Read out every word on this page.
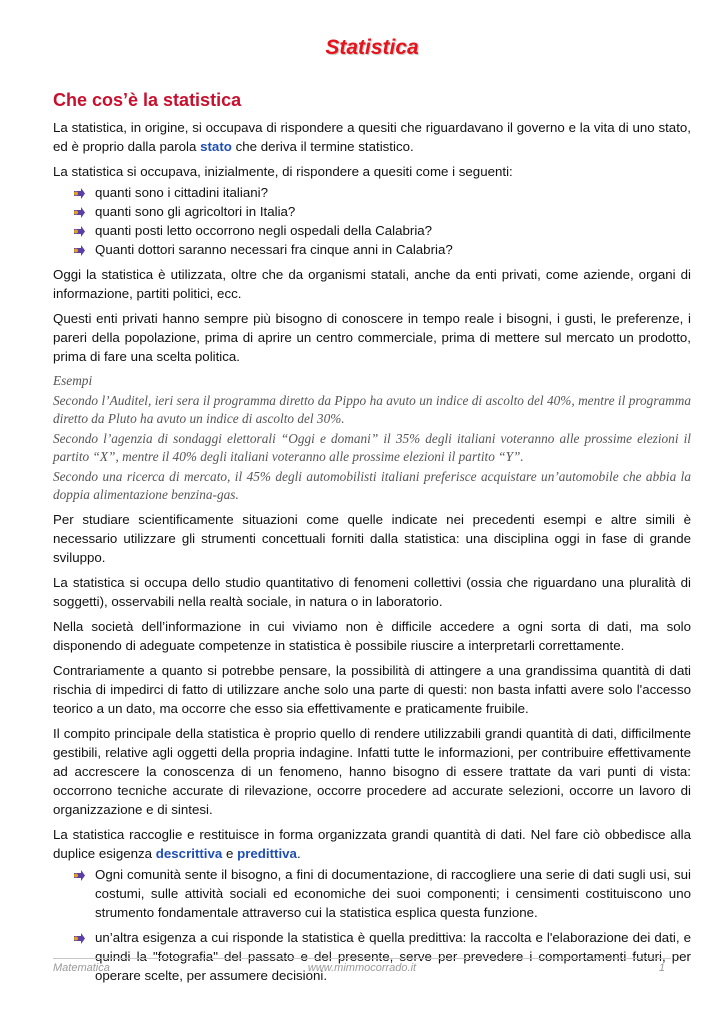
Statistica
Che cos’è la statistica

La statistica, in origine, si occupava di rispondere a quesiti che riguardavano il governo e la vita di uno stato, ed è proprio dalla parola stato che deriva il termine statistico.

La statistica si occupava, inizialmente, di rispondere a quesiti come i seguenti:

quanti sono i cittadini italiani?
quanti sono gli agricoltori in Italia?
quanti posti letto occorrono negli ospedali della Calabria?
Quanti dottori saranno necessari fra cinque anni in Calabria?

Oggi la statistica è utilizzata, oltre che da organismi statali, anche da enti privati, come aziende, organi di informazione, partiti politici, ecc.

Questi enti privati hanno sempre più bisogno di conoscere in tempo reale i bisogni, i gusti, le preferenze, i pareri della popolazione, prima di aprire un centro commerciale, prima di mettere sul mercato un prodotto, prima di fare una scelta politica.

Esempi
Secondo l’Auditel, ieri sera il programma diretto da Pippo ha avuto un indice di ascolto del 40%, mentre il programma diretto da Pluto ha avuto un indice di ascolto del 30%.
Secondo l’agenzia di sondaggi elettorali “Oggi e domani” il 35% degli italiani voteranno alle prossime elezioni il partito “X”, mentre il 40% degli italiani voteranno alle prossime elezioni il partito “Y”.
Secondo una ricerca di mercato, il 45% degli automobilisti italiani preferisce acquistare un’automobile che abbia la doppia alimentazione benzina-gas.

Per studiare scientificamente situazioni come quelle indicate nei precedenti esempi e altre simili è necessario utilizzare gli strumenti concettuali forniti dalla statistica: una disciplina oggi in fase di grande sviluppo.

La statistica si occupa dello studio quantitativo di fenomeni collettivi (ossia che riguardano una pluralità di soggetti), osservabili nella realtà sociale, in natura o in laboratorio.

Nella società dell’informazione in cui viviamo non è difficile accedere a ogni sorta di dati, ma solo disponendo di adeguate competenze in statistica è possibile riuscire a interpretarli correttamente.

Contrariamente a quanto si potrebbe pensare, la possibilità di attingere a una grandissima quantità di dati rischia di impedirci di fatto di utilizzare anche solo una parte di questi: non basta infatti avere solo l'accesso teorico a un dato, ma occorre che esso sia effettivamente e praticamente fruibile.

Il compito principale della statistica è proprio quello di rendere utilizzabili grandi quantità di dati, difficilmente gestibili, relative agli oggetti della propria indagine. Infatti tutte le informazioni, per contribuire effettivamente ad accrescere la conoscenza di un fenomeno, hanno bisogno di essere trattate da vari punti di vista: occorrono tecniche accurate di rilevazione, occorre procedere ad accurate selezioni, occorre un lavoro di organizzazione e di sintesi.

La statistica raccoglie e restituisce in forma organizzata grandi quantità di dati. Nel fare ciò obbedisce alla duplice esigenza descrittiva e predittiva.

Ogni comunità sente il bisogno, a fini di documentazione, di raccogliere una serie di dati sugli usi, sui costumi, sulle attività sociali ed economiche dei suoi componenti; i censimenti costituiscono uno strumento fondamentale attraverso cui la statistica esplica questa funzione.
un’altra esigenza a cui risponde la statistica è quella predittiva: la raccolta e l'elaborazione dei dati, e quindi la "fotografia" del passato e del presente, serve per prevedere i comportamenti futuri, per operare scelte, per assumere decisioni.
Matematica	www.mimmocorrado.it	1
